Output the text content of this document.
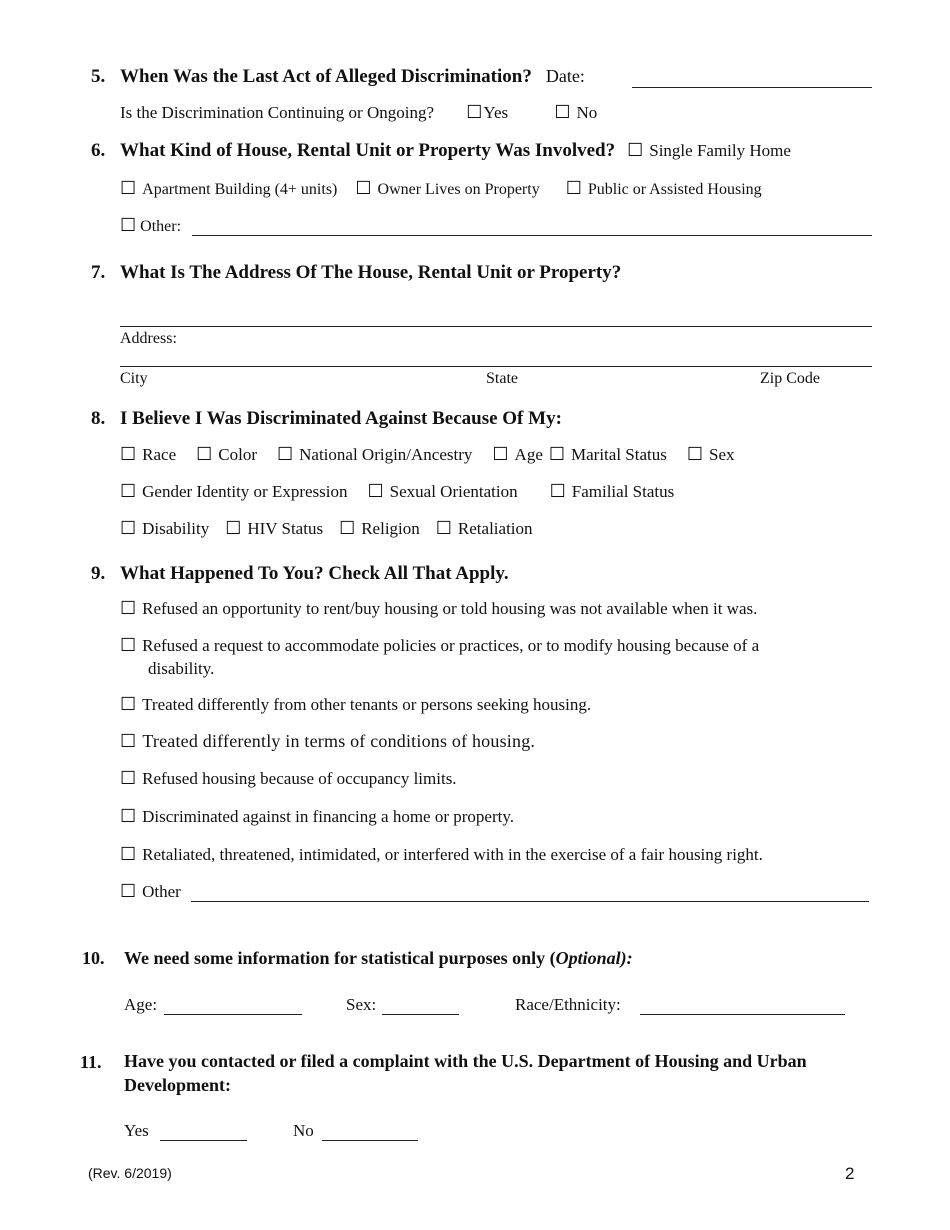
5. When Was the Last Act of Alleged Discrimination? Date:
Is the Discrimination Continuing or Ongoing? ☐Yes	☐ No
6. What Kind of House, Rental Unit or Property Was Involved? ☐ Single Family Home
☐ Apartment Building (4+ units) ☐ Owner Lives on Property ☐ Public or Assisted Housing
☐ Other:
7. What Is The Address Of The House, Rental Unit or Property?
Address:
City	State	Zip Code
8. I Believe I Was Discriminated Against Because Of My:
☐ Race ☐ Color ☐ National Origin/Ancestry ☐ Age ☐ Marital Status ☐ Sex
☐ Gender Identity or Expression ☐ Sexual Orientation ☐ Familial Status
☐ Disability ☐ HIV Status ☐ Religion ☐ Retaliation
9. What Happened To You? Check All That Apply.
☐ Refused an opportunity to rent/buy housing or told housing was not available when it was.
☐ Refused a request to accommodate policies or practices, or to modify housing because of a
disability.
☐ Treated differently from other tenants or persons seeking housing.
☐ Treated differently in terms of conditions of housing.
☐ Refused housing because of occupancy limits.
☐ Discriminated against in financing a home or property.
☐ Retaliated, threatened, intimidated, or interfered with in the exercise of a fair housing right.
☐ Other
10. We need some information for statistical purposes only (Optional):
Age:	Sex:	Race/Ethnicity:
11. Have you contacted or filed a complaint with the U.S. Department of Housing and Urban
Development:
Yes	No
(Rev. 6/2019)	2
